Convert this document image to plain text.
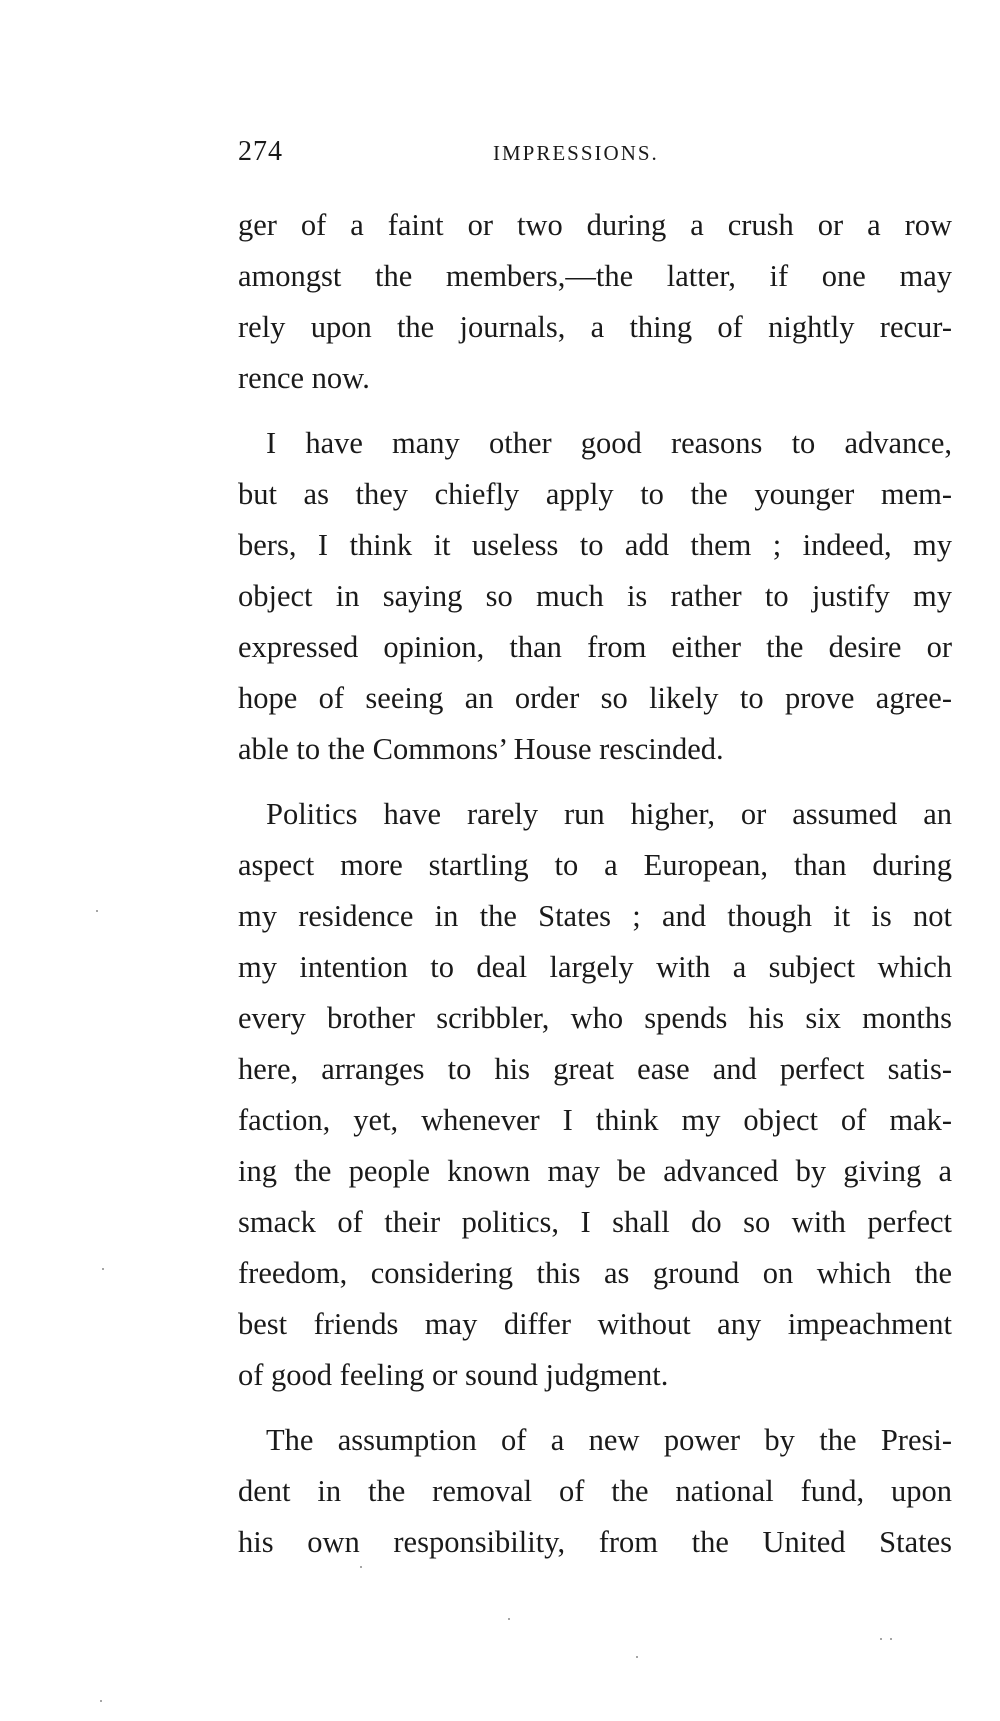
274	IMPRESSIONS.
ger of a faint or two during a crush or a row
amongst the members,—the latter, if one may
rely upon the journals, a thing of nightly recur-
rence now.
I have many other good reasons to advance,
but as they chiefly apply to the younger mem-
bers, I think it useless to add them ; indeed, my
object in saying so much is rather to justify my
expressed opinion, than from either the desire or
hope of seeing an order so likely to prove agree-
able to the Commons’ House rescinded.
Politics have rarely run higher, or assumed an
aspect more startling to a European, than during
my residence in the States ; and though it is not
my intention to deal largely with a subject which
every brother scribbler, who spends his six months
here, arranges to his great ease and perfect satis-
faction, yet, whenever I think my object of mak-
ing the people known may be advanced by giving a
smack of their politics, I shall do so with perfect
freedom, considering this as ground on which the
best friends may differ without any impeachment
of good feeling or sound judgment.
The assumption of a new power by the Presi-
dent in the removal of the national fund, upon
his own responsibility, from the United States
